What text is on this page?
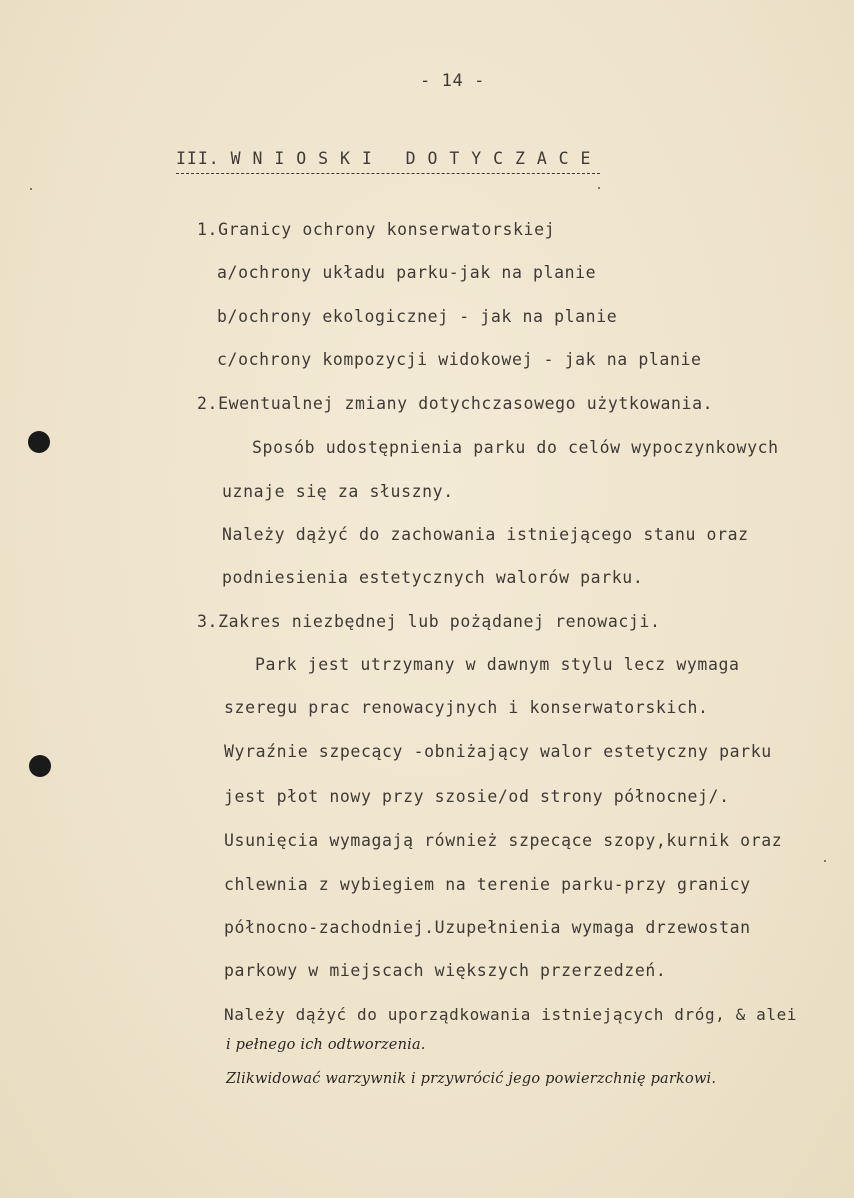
- 14 -
III. W N I O S K I   D O T Y C Z A C E
1.Granicy ochrony konserwatorskiej
a/ochrony układu parku-jak na planie
b/ochrony ekologicznej - jak na planie
c/ochrony kompozycji widokowej - jak na planie
2.Ewentualnej zmiany dotychczasowego użytkowania.
Sposób udostępnienia parku do celów wypoczynkowych
uznaje się za słuszny.
Należy dążyć do zachowania istniejącego stanu oraz
podniesienia estetycznych walorów parku.
3.Zakres niezbędnej lub pożądanej renowacji.
Park jest utrzymany w dawnym stylu lecz wymaga
szeregu prac renowacyjnych i konserwatorskich.
Wyraźnie szpecący -obniżający walor estetyczny parku
jest płot nowy przy szosie/od strony północnej/.
Usunięcia wymagają również szpecące szopy,kurnik oraz
chlewnia z wybiegiem na terenie parku-przy granicy
północno-zachodniej.Uzupełnienia wymaga drzewostan
parkowy w miejscach większych przerzedzeń.
Należy dążyć do uporządkowania istniejących dróg, & alei
i pełnego ich odtworzenia.
Zlikwidować warzywnik i przywrócić jego powierzchnię parkowi.
